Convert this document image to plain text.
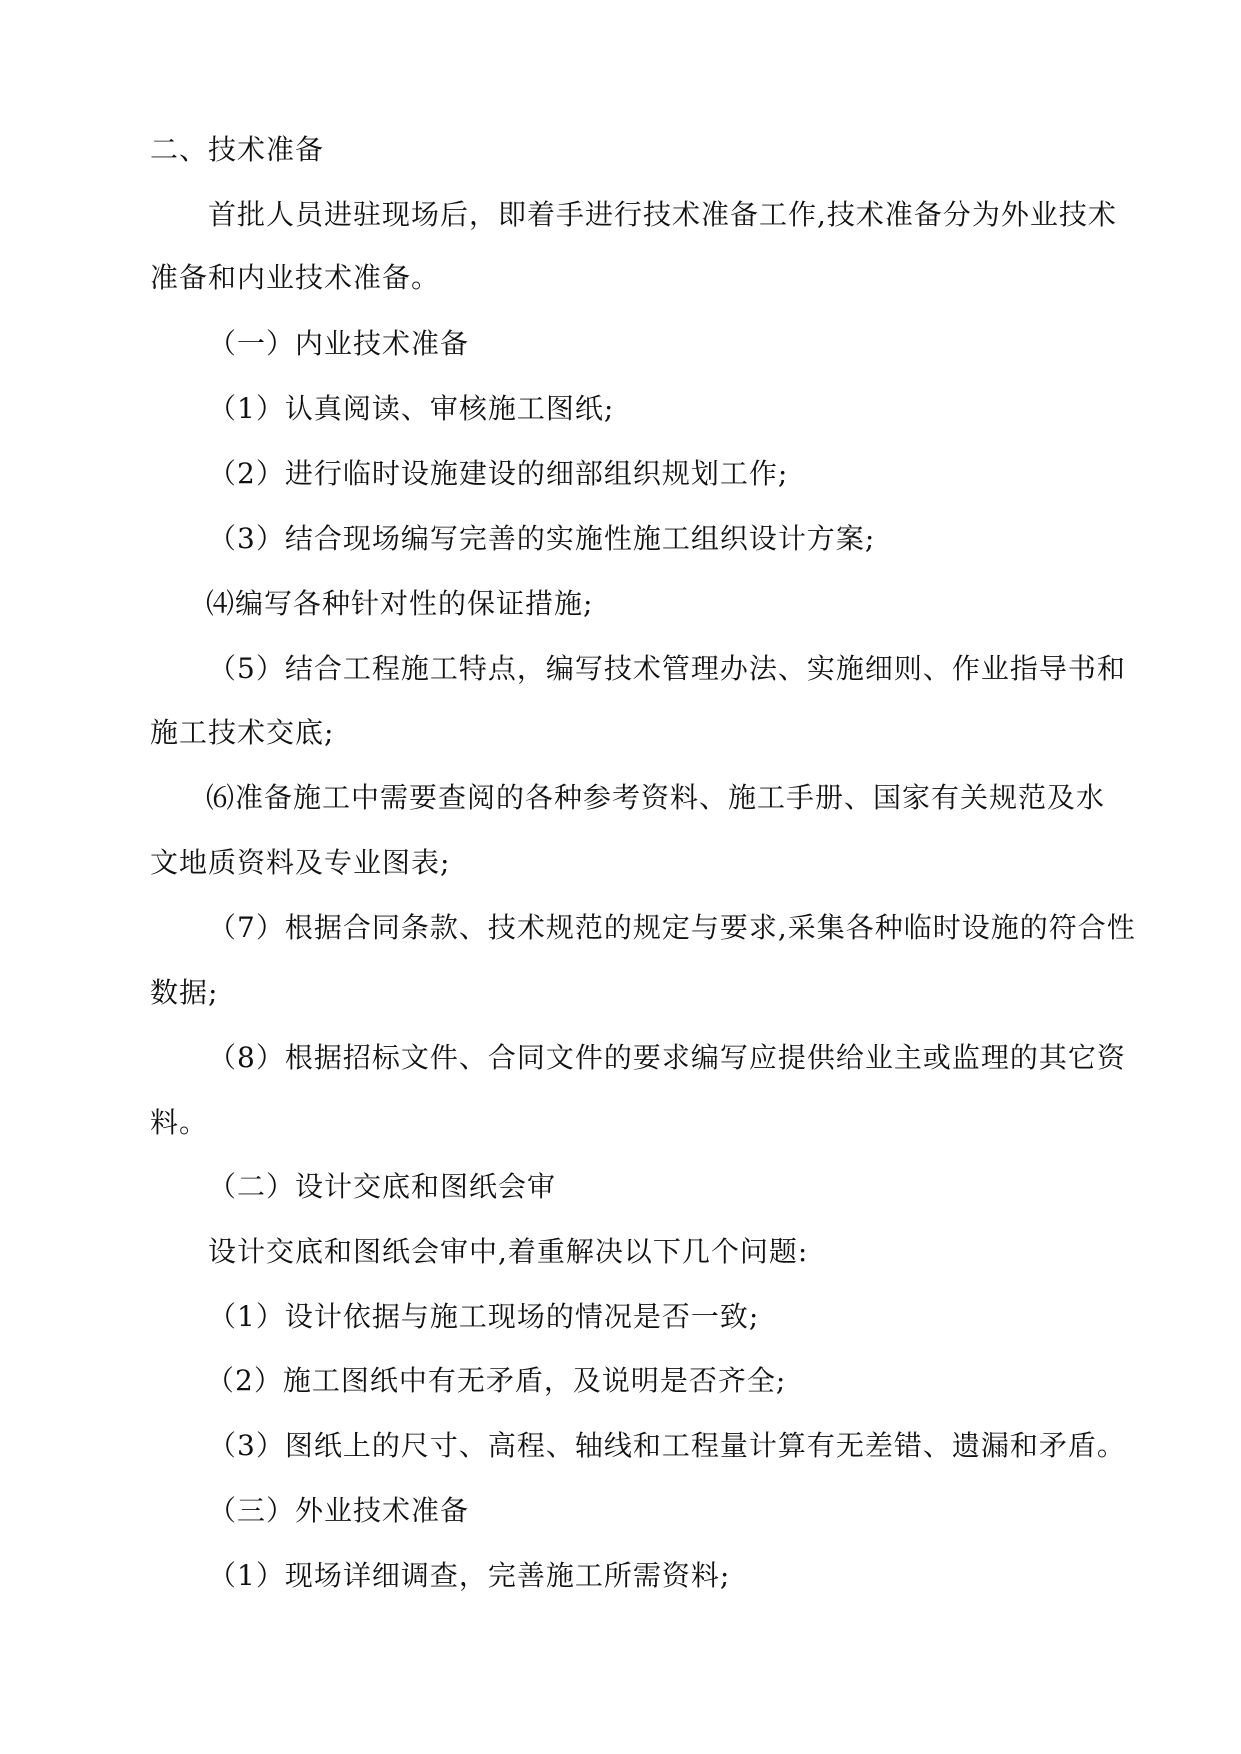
二、技术准备
首批人员进驻现场后，即着手进行技术准备工作,技术准备分为外业技术
准备和内业技术准备。
（一）内业技术准备
（1）认真阅读、审核施工图纸;
（2）进行临时设施建设的细部组织规划工作;
（3）结合现场编写完善的实施性施工组织设计方案;
⑷编写各种针对性的保证措施;
（5）结合工程施工特点，编写技术管理办法、实施细则、作业指导书和
施工技术交底;
⑹准备施工中需要查阅的各种参考资料、施工手册、国家有关规范及水
文地质资料及专业图表;
（7）根据合同条款、技术规范的规定与要求,采集各种临时设施的符合性
数据;
（8）根据招标文件、合同文件的要求编写应提供给业主或监理的其它资
料。
（二）设计交底和图纸会审
设计交底和图纸会审中,着重解决以下几个问题:
（1）设计依据与施工现场的情况是否一致;
（2）施工图纸中有无矛盾，及说明是否齐全;
（3）图纸上的尺寸、高程、轴线和工程量计算有无差错、遗漏和矛盾。
（三）外业技术准备
（1）现场详细调查，完善施工所需资料;
